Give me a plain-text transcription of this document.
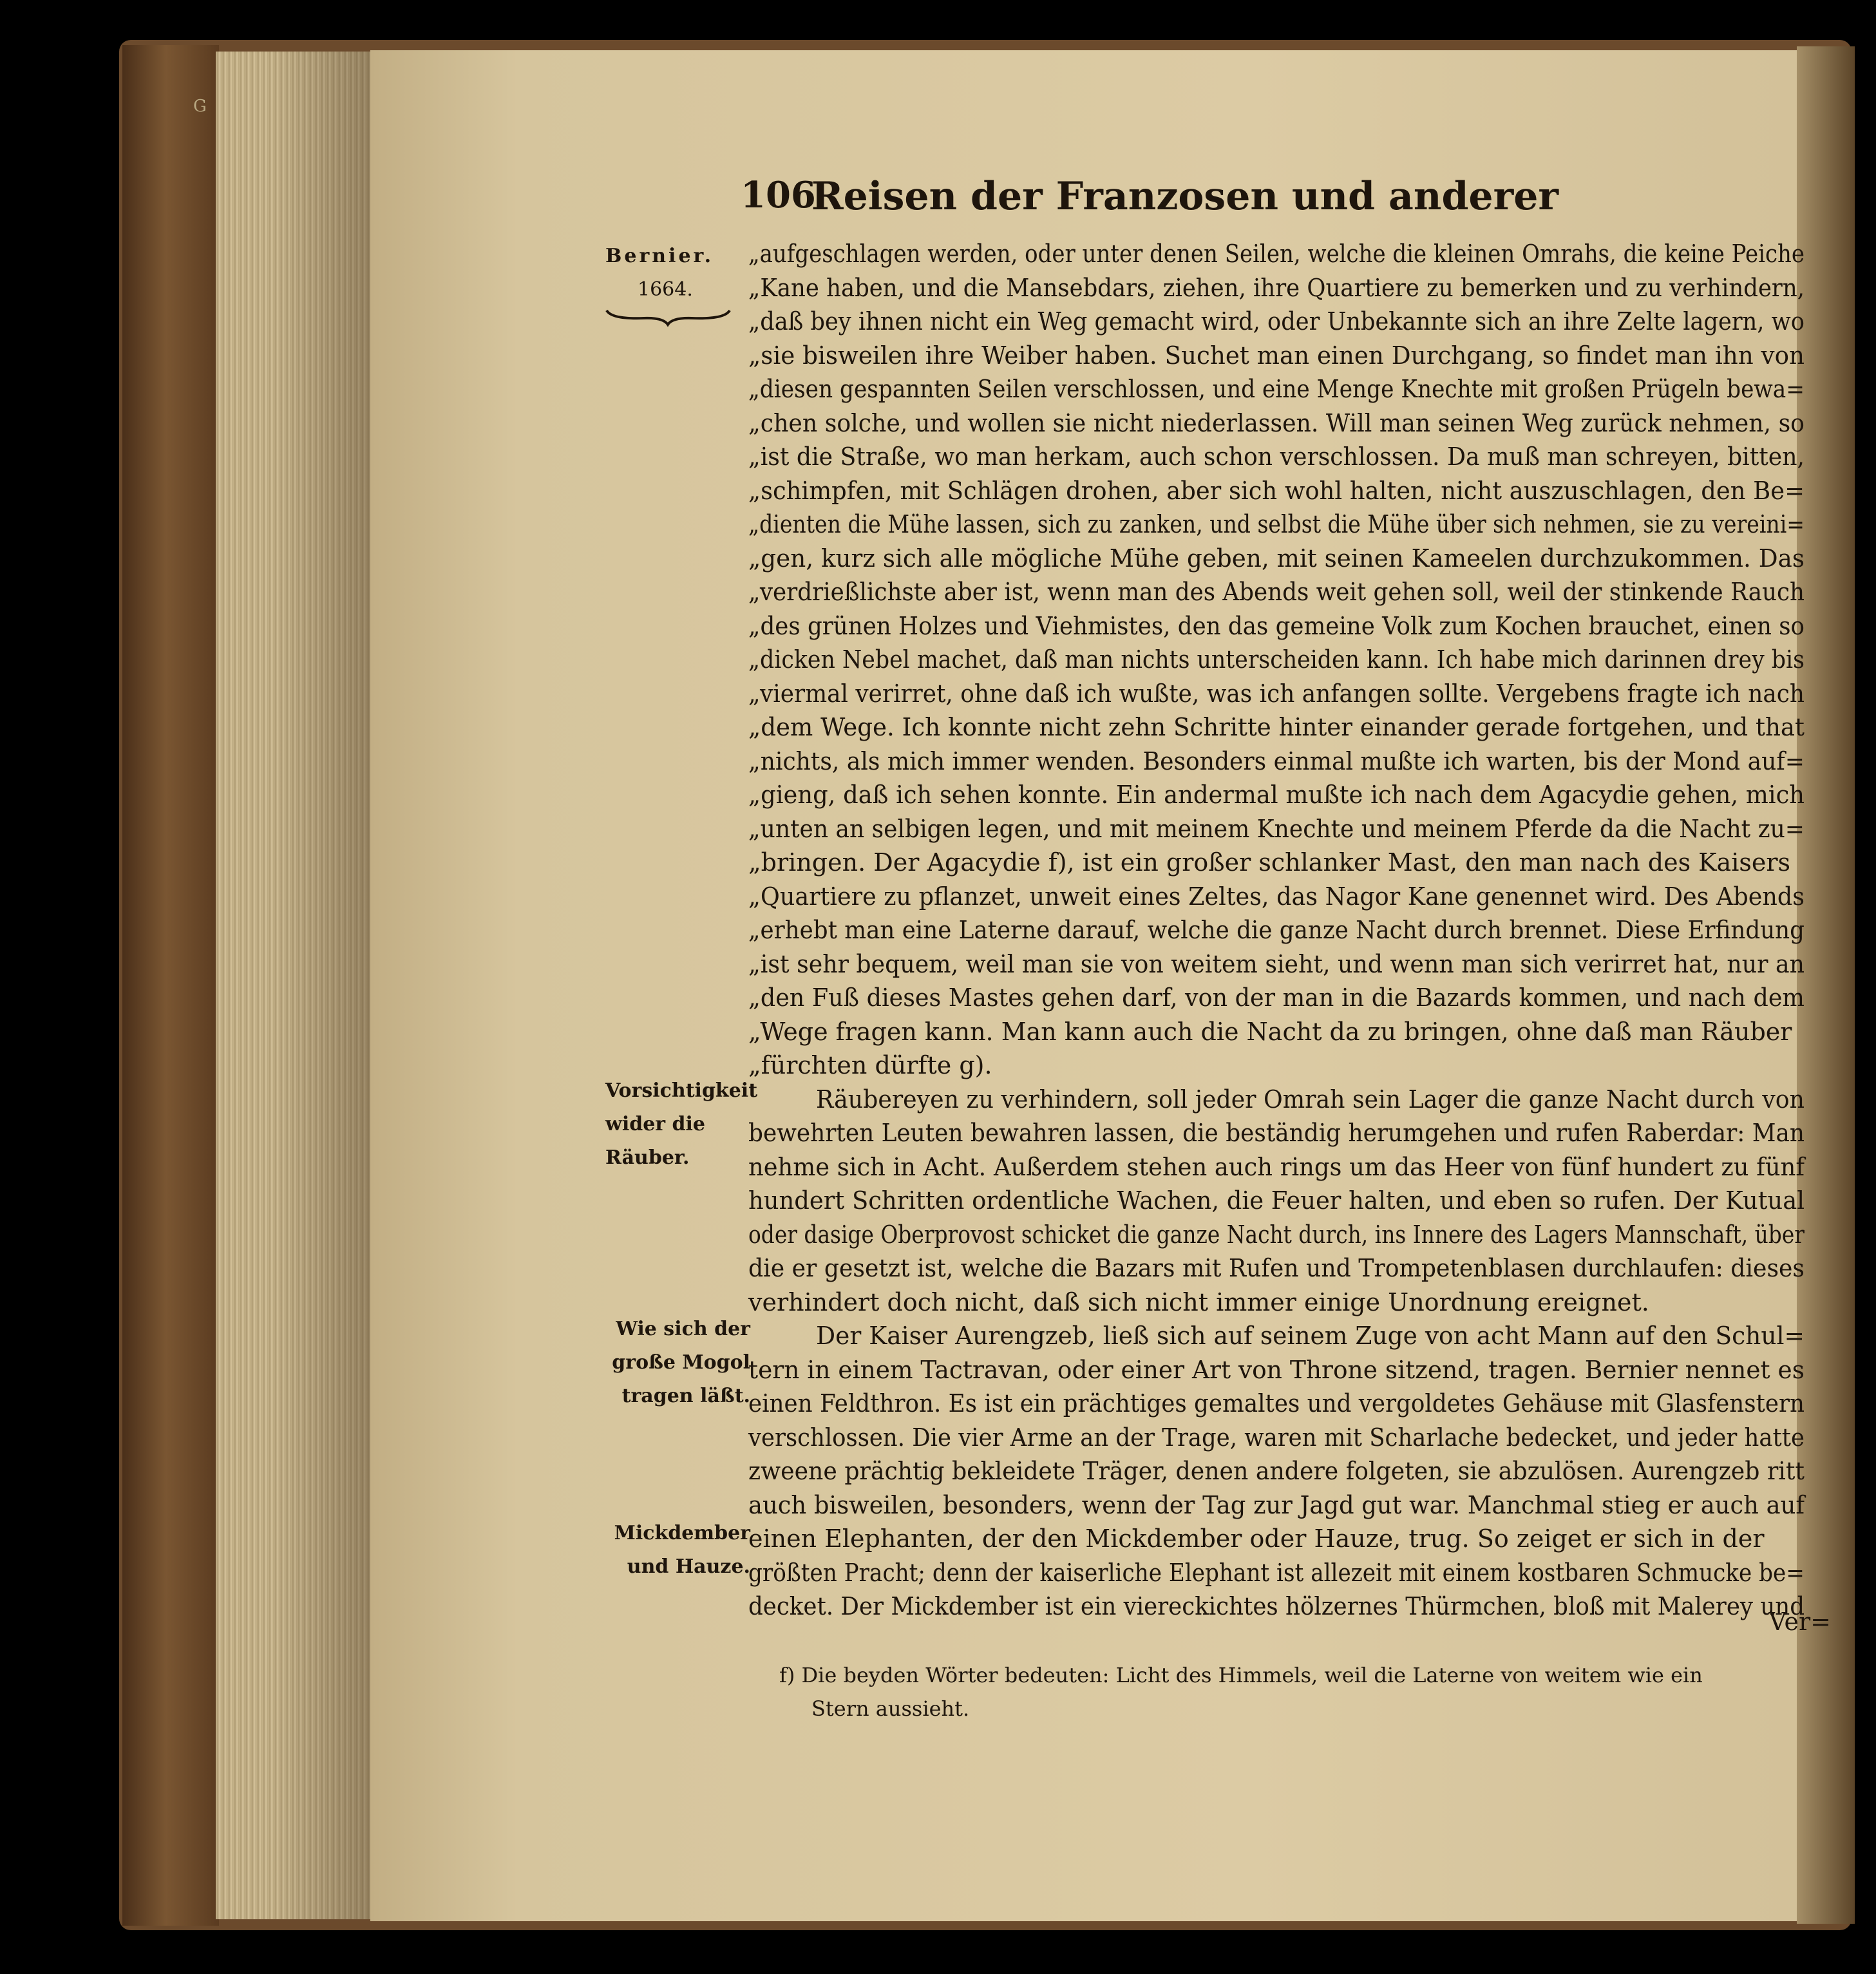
G
106
Reisen der Franzosen und anderer
Bernier.
1664.
Vorsichtigkeit
wider die
Räuber.
Wie sich der
große Mogol
tragen läßt.
Mickdember
und Hauze.
„aufgeschlagen werden, oder unter denen Seilen, welche die kleinen Omrahs, die keine Peiche
„Kane haben, und die Mansebdars, ziehen, ihre Quartiere zu bemerken und zu verhindern,
„daß bey ihnen nicht ein Weg gemacht wird, oder Unbekannte sich an ihre Zelte lagern, wo
„sie bisweilen ihre Weiber haben. Suchet man einen Durchgang, so findet man ihn von
„diesen gespannten Seilen verschlossen, und eine Menge Knechte mit großen Prügeln bewa=
„chen solche, und wollen sie nicht niederlassen. Will man seinen Weg zurück nehmen, so
„ist die Straße, wo man herkam, auch schon verschlossen. Da muß man schreyen, bitten,
„schimpfen, mit Schlägen drohen, aber sich wohl halten, nicht auszuschlagen, den Be=
„dienten die Mühe lassen, sich zu zanken, und selbst die Mühe über sich nehmen, sie zu vereini=
„gen, kurz sich alle mögliche Mühe geben, mit seinen Kameelen durchzukommen. Das
„verdrießlichste aber ist, wenn man des Abends weit gehen soll, weil der stinkende Rauch
„des grünen Holzes und Viehmistes, den das gemeine Volk zum Kochen brauchet, einen so
„dicken Nebel machet, daß man nichts unterscheiden kann. Ich habe mich darinnen drey bis
„viermal verirret, ohne daß ich wußte, was ich anfangen sollte. Vergebens fragte ich nach
„dem Wege. Ich konnte nicht zehn Schritte hinter einander gerade fortgehen, und that
„nichts, als mich immer wenden. Besonders einmal mußte ich warten, bis der Mond auf=
„gieng, daß ich sehen konnte. Ein andermal mußte ich nach dem Agacydie gehen, mich
„unten an selbigen legen, und mit meinem Knechte und meinem Pferde da die Nacht zu=
„bringen. Der Agacydie f), ist ein großer schlanker Mast, den man nach des Kaisers
„Quartiere zu pflanzet, unweit eines Zeltes, das Nagor Kane genennet wird. Des Abends
„erhebt man eine Laterne darauf, welche die ganze Nacht durch brennet. Diese Erfindung
„ist sehr bequem, weil man sie von weitem sieht, und wenn man sich verirret hat, nur an
„den Fuß dieses Mastes gehen darf, von der man in die Bazards kommen, und nach dem
„Wege fragen kann. Man kann auch die Nacht da zu bringen, ohne daß man Räuber
„fürchten dürfte g).
Räubereyen zu verhindern, soll jeder Omrah sein Lager die ganze Nacht durch von
bewehrten Leuten bewahren lassen, die beständig herumgehen und rufen Raberdar: Man
nehme sich in Acht. Außerdem stehen auch rings um das Heer von fünf hundert zu fünf
hundert Schritten ordentliche Wachen, die Feuer halten, und eben so rufen. Der Kutual
oder dasige Oberprovost schicket die ganze Nacht durch, ins Innere des Lagers Mannschaft, über
die er gesetzt ist, welche die Bazars mit Rufen und Trompetenblasen durchlaufen: dieses
verhindert doch nicht, daß sich nicht immer einige Unordnung ereignet.
Der Kaiser Aurengzeb, ließ sich auf seinem Zuge von acht Mann auf den Schul=
tern in einem Tactravan, oder einer Art von Throne sitzend, tragen. Bernier nennet es
einen Feldthron. Es ist ein prächtiges gemaltes und vergoldetes Gehäuse mit Glasfenstern
verschlossen. Die vier Arme an der Trage, waren mit Scharlache bedecket, und jeder hatte
zweene prächtig bekleidete Träger, denen andere folgeten, sie abzulösen. Aurengzeb ritt
auch bisweilen, besonders, wenn der Tag zur Jagd gut war. Manchmal stieg er auch auf
einen Elephanten, der den Mickdember oder Hauze, trug. So zeiget er sich in der
größten Pracht; denn der kaiserliche Elephant ist allezeit mit einem kostbaren Schmucke be=
decket. Der Mickdember ist ein viereckichtes hölzernes Thürmchen, bloß mit Malerey und
Ver=
f) Die beyden Wörter bedeuten: Licht des Himmels, weil die Laterne von weitem wie ein
Stern aussieht.
